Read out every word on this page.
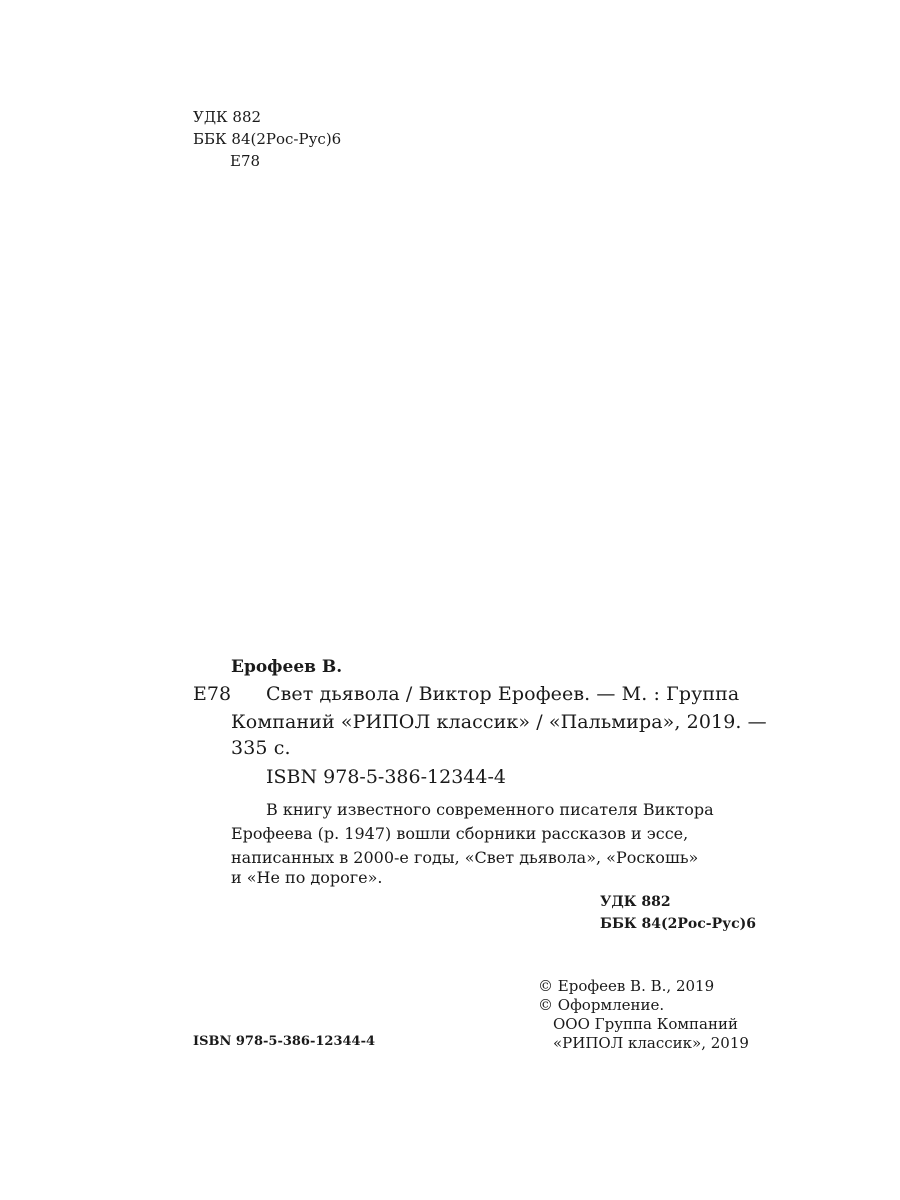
УДК 882
ББК 84(2Рос-Рус)6
Е78
Ерофеев В.
Е78 Свет дьявола / Виктор Ерофеев. — М. : Группа
Компаний «РИПОЛ классик» / «Пальмира», 2019. —
335 с.
ISBN 978-5-386-12344-4
В книгу известного современного писателя Виктора
Ерофеева (р. 1947) вошли сборники рассказов и эссе,
написанных в 2000-е годы, «Свет дьявола», «Роскошь»
и «Не по дороге».
УДК 882
ББК 84(2Рос-Рус)6
ISBN 978-5-386-12344-4
© Ерофеев В. В., 2019
© Оформление.
ООО Группа Компаний
«РИПОЛ классик», 2019
